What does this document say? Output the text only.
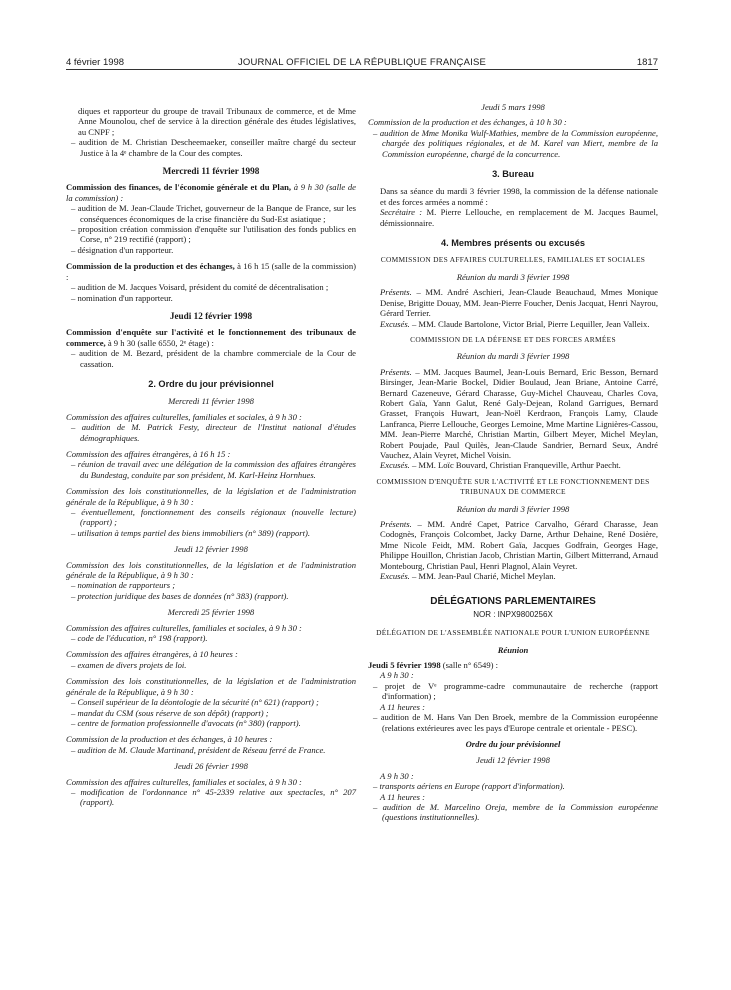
4 février 1998	JOURNAL OFFICIEL DE LA RÉPUBLIQUE FRANÇAISE	1817

diques et rapporteur du groupe de travail Tribunaux de commerce, et de Mme Anne Mounolou, chef de service à la direction générale des études législatives, au CNPF ;

– audition de M. Christian Descheemaeker, conseiller maître chargé du secteur Justice à la 4ᵉ chambre de la Cour des comptes.
Mercredi 11 février 1998

Commission des finances, de l'économie générale et du Plan, à 9 h 30 (salle de la commission) :

– audition de M. Jean-Claude Trichet, gouverneur de la Banque de France, sur les conséquences économiques de la crise financière du Sud-Est asiatique ;
– proposition création commission d'enquête sur l'utilisation des fonds publics en Corse, n° 219 rectifié (rapport) ;
– désignation d'un rapporteur.

Commission de la production et des échanges, à 16 h 15 (salle de la commission) :

– audition de M. Jacques Voisard, président du comité de décentralisation ;
– nomination d'un rapporteur.
Jeudi 12 février 1998

Commission d'enquête sur l'activité et le fonctionnement des tribunaux de commerce, à 9 h 30 (salle 6550, 2ᵉ étage) :

– audition de M. Bezard, président de la chambre commerciale de la Cour de cassation.
2. Ordre du jour prévisionnel
Mercredi 11 février 1998

Commission des affaires culturelles, familiales et sociales, à 9 h 30 :

– audition de M. Patrick Festy, directeur de l'Institut national d'études démographiques.

Commission des affaires étrangères, à 16 h 15 :

– réunion de travail avec une délégation de la commission des affaires étrangères du Bundestag, conduite par son président, M. Karl-Heinz Hornhues.

Commission des lois constitutionnelles, de la législation et de l'administration générale de la République, à 9 h 30 :

– éventuellement, fonctionnement des conseils régionaux (nouvelle lecture) (rapport) ;
– utilisation à temps partiel des biens immobiliers (n° 389) (rapport).
Jeudi 12 février 1998

Commission des lois constitutionnelles, de la législation et de l'administration générale de la République, à 9 h 30 :

– nomination de rapporteurs ;
– protection juridique des bases de données (n° 383) (rapport).
Mercredi 25 février 1998

Commission des affaires culturelles, familiales et sociales, à 9 h 30 :

– code de l'éducation, n° 198 (rapport).

Commission des affaires étrangères, à 10 heures :

– examen de divers projets de loi.

Commission des lois constitutionnelles, de la législation et de l'administration générale de la République, à 9 h 30 :

– Conseil supérieur de la déontologie de la sécurité (n° 621) (rapport) ;
– mandat du CSM (sous réserve de son dépôt) (rapport) ;
– centre de formation professionnelle d'avocats (n° 380) (rapport).

Commission de la production et des échanges, à 10 heures :

– audition de M. Claude Martinand, président de Réseau ferré de France.
Jeudi 26 février 1998

Commission des affaires culturelles, familiales et sociales, à 9 h 30 :

– modification de l'ordonnance n° 45-2339 relative aux spectacles, n° 207 (rapport).
Jeudi 5 mars 1998

Commission de la production et des échanges, à 10 h 30 :

– audition de Mme Monika Wulf-Mathies, membre de la Commission européenne, chargée des politiques régionales, et de M. Karel van Miert, membre de la Commission européenne, chargé de la concurrence.
3. Bureau

Dans sa séance du mardi 3 février 1998, la commission de la défense nationale et des forces armées a nommé :

Secrétaire : M. Pierre Lellouche, en remplacement de M. Jacques Baumel, démissionnaire.

4. Membres présents ou excusés
COMMISSION DES AFFAIRES CULTURELLES, FAMILIALES ET SOCIALES
Réunion du mardi 3 février 1998

Présents. – MM. André Aschieri, Jean-Claude Beauchaud, Mmes Monique Denise, Brigitte Douay, MM. Jean-Pierre Foucher, Denis Jacquat, Henri Nayrou, Gérard Terrier.

Excusés. – MM. Claude Bartolone, Victor Brial, Pierre Lequiller, Jean Valleix.

COMMISSION DE LA DÉFENSE ET DES FORCES ARMÉES
Réunion du mardi 3 février 1998

Présents. – MM. Jacques Baumel, Jean-Louis Bernard, Eric Besson, Bernard Birsinger, Jean-Marie Bockel, Didier Boulaud, Jean Briane, Antoine Carré, Bernard Cazeneuve, Gérard Charasse, Guy-Michel Chauveau, Charles Cova, Robert Gaïa, Yann Galut, René Galy-Dejean, Roland Garrigues, Bernard Grasset, François Huwart, Jean-Noël Kerdraon, François Lamy, Claude Lanfranca, Pierre Lellouche, Georges Lemoine, Mme Martine Lignières-Cassou, MM. Jean-Pierre Marché, Christian Martin, Gilbert Meyer, Michel Meylan, Robert Poujade, Paul Quilès, Jean-Claude Sandrier, Bernard Seux, André Vauchez, Alain Veyret, Michel Voisin.

Excusés. – MM. Loïc Bouvard, Christian Franqueville, Arthur Paecht.

COMMISSION D'ENQUÊTE SUR L'ACTIVITÉ ET LE FONCTIONNEMENT DES TRIBUNAUX DE COMMERCE
Réunion du mardi 3 février 1998

Présents. – MM. André Capet, Patrice Carvalho, Gérard Charasse, Jean Codognès, François Colcombet, Jacky Darne, Arthur Dehaine, René Dosière, Mme Nicole Feidt, MM. Robert Gaïa, Jacques Godfrain, Georges Hage, Philippe Houillon, Christian Jacob, Christian Martin, Gilbert Mitterrand, Arnaud Montebourg, Christian Paul, Henri Plagnol, Alain Veyret.

Excusés. – MM. Jean-Paul Charié, Michel Meylan.

DÉLÉGATIONS PARLEMENTAIRES
NOR : INPX9800256X
DÉLÉGATION DE L'ASSEMBLÉE NATIONALE POUR L'UNION EUROPÉENNE
Réunion

Jeudi 5 février 1998 (salle n° 6549) :

A 9 h 30 :

– projet de Vᵉ programme-cadre communautaire de recherche (rapport d'information) ;

A 11 heures :

– audition de M. Hans Van Den Broek, membre de la Commission européenne (relations extérieures avec les pays d'Europe centrale et orientale - PESC).
Ordre du jour prévisionnel
Jeudi 12 février 1998

A 9 h 30 :

– transports aériens en Europe (rapport d'information).

A 11 heures :

– audition de M. Marcelino Oreja, membre de la Commission européenne (questions institutionnelles).
